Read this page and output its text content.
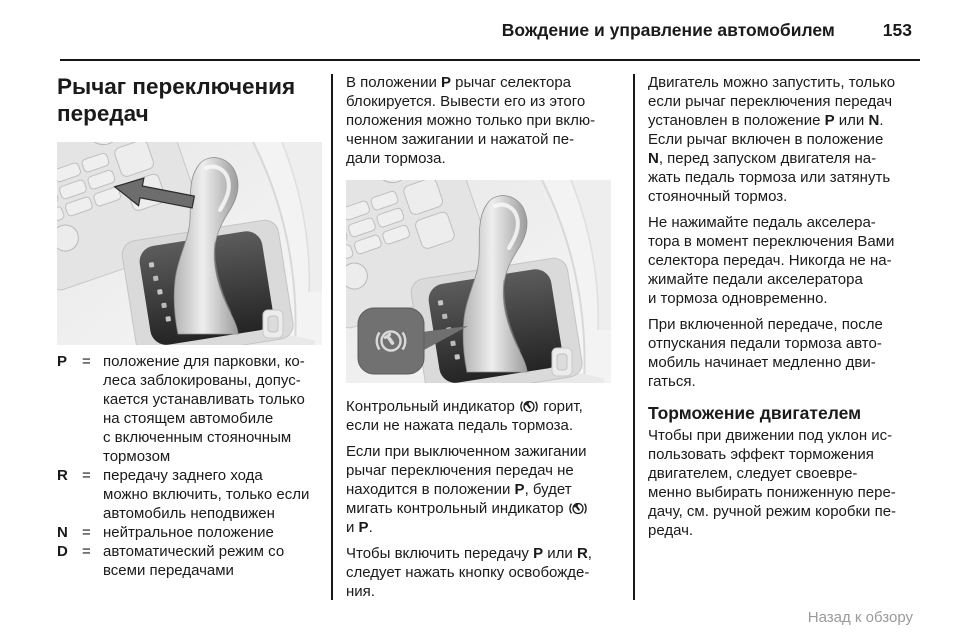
Вождение и управление автомобилем	153
Рычаг переключения
передач
P = положение для парковки, ко-
леса заблокированы, допус-
кается устанавливать только
на стоящем автомобиле
с включенным стояночным
тормозом
R = передачу заднего хода
можно включить, только если
автомобиль неподвижен
N = нейтральное положение
D = автоматический режим со
всеми передачами

В положении P рычаг селектора
блокируется. Вывести его из этого
положения можно только при вклю-
ченном зажигании и нажатой пе-
дали тормоза.

Контрольный индикатор  горит,
если не нажата педаль тормоза.

Если при выключенном зажигании
рычаг переключения передач не
находится в положении P, будет
мигать контрольный индикатор
и P.

Чтобы включить передачу P или R,
следует нажать кнопку освобожде-
ния.

Двигатель можно запустить, только
если рычаг переключения передач
установлен в положение P или N.
Если рычаг включен в положение
N, перед запуском двигателя на-
жать педаль тормоза или затянуть
стояночный тормоз.

Не нажимайте педаль акселера-
тора в момент переключения Вами
селектора передач. Никогда не на-
жимайте педали акселератора
и тормоза одновременно.

При включенной передаче, после
отпускания педали тормоза авто-
мобиль начинает медленно дви-
гаться.

Торможение двигателем

Чтобы при движении под уклон ис-
пользовать эффект торможения
двигателем, следует своевре-
менно выбирать пониженную пере-
дачу, см. ручной режим коробки пе-
редач.

Назад к обзору
